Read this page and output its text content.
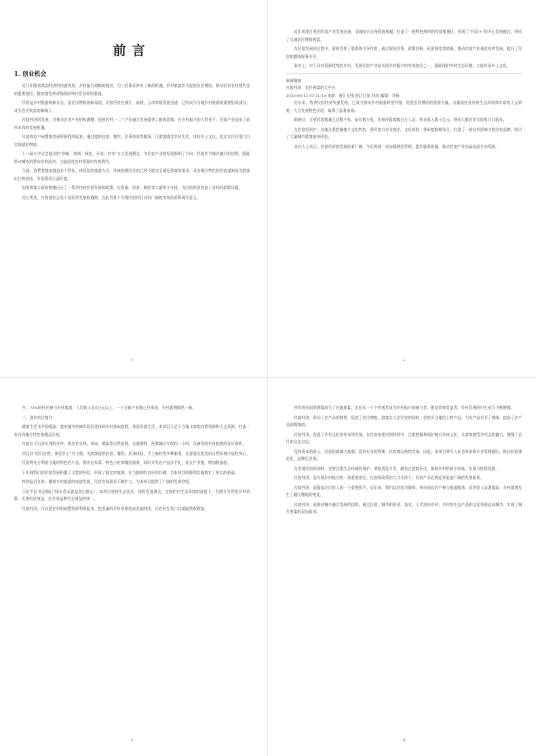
前言
1. 创业机会

近几年随着我国经济的快速发展，乡村振兴战略的提出，为三农事业带来了新的机遇。乡村旅游作为促进农民增收、推动农业农村现代化的重要途径，越来越受到各级政府和社会各界的重视。

民宿是乡村旅游的新业态，是农民增收的新渠道。民宿经济在浙江、福建、云南等地发展迅速，已经成为当地乡村旅游的重要组成部分，成为农民致富的新路子。

民宿经济的发展，为推动农业产业结构调整、促进农村一二三产业融合发展提供了新的思路。在乡村振兴的大背景下，民宿产业迎来了前所未有的发展机遇。

民宿将农户闲置的房屋资源利用起来，通过提供住宿、餐饮、农事体验等服务，让游客感受乡村生活，体验乡土文化，也让农民在家门口实现就业增收。

十八届五中全会提出的“创新、协调、绿色、开放、共享”五大发展理念，为民宿产业的发展指明了方向。民宿作为城乡融合的纽带，既能带动城市消费向乡村流动，又能促进农村资源的有效利用。

当前，消费者越来越追求个性化、体验化的旅游方式，传统的酒店住宿已经不能完全满足游客的需求，具有地方特色的民宿逐渐成为游客出行的首选，市场需求日益旺盛。

国家和地方政府相继出台了一系列扶持民宿发展的政策，在用地、资金、税收等方面给予支持，为民宿创业营造了良好的政策环境。

综上所述，民宿创业正处于良好的发展机遇期，在此背景下开展民宿项目具有广阔的市场前景和现实意义。

1

近年来浙江省的民宿产业发展迅速，各地结合自身资源禀赋，打造了一批特色鲜明的民宿集聚区，形成了“民宿+”的多元发展模式，带动了当地农民增收致富。

在民宿发展的过程中，政府发挥了重要的引导作用，通过规划引领、政策扶持、标准规范等措施，推动民宿产业规范有序发展，提升了民宿的整体服务水平。

事实上，对于具有资源优势的乡村，发展民宿产业是实现乡村振兴的有效途径之一，既能保护乡村生态环境，又能传承乡土文化。

新闻链接：

民宿经济：农民致富的大平台

2015-08-12 07:11:10 来源：浙江在线-浙江日报 驻站 编辑：刘扬

近年来，我省民宿经济快速发展，已成为推动乡村旅游转型升级、促进农民增收的重要力量。各地依托良好的生态环境和丰富的人文资源，大力发展特色民宿，取得了显著成效。

据统计，全省民宿数量已达数千家，床位数万张，年接待游客数百万人次，营业收入数十亿元，带动大量农民实现家门口就业。

在民宿发展中，各地注重挖掘地方文化特色，将民宿与农业观光、文化体验、休闲度假相结合，打造了一批具有影响力的民宿品牌，吸引了大量城市游客前来体验。

业内人士表示，民宿经济的发展前景广阔，今后将进一步加强规范管理，提升服务质量，推动民宿产业向高品质方向发展。

2

多，73%的村民参与乡村旅游，人均收入在5万元以上，一个全新产业链已经形成，乡村面貌焕然一新。

二、创业项目简介

随着生活水平的提高，越来越多的城市居民选择到乡村休闲度假，体验田园生活。本项目立足于当地丰富的自然资源和人文资源，打造一家具有地方特色的精品民宿。

民宿位于山清水秀的乡村，周边有竹林、茶园、溪流等自然景观，交通便利，距离城区车程约一小时，具备发展乡村旅游的良好条件。

项目以“回归自然、体验乡土”为主题，为游客提供住宿、餐饮、农事体验、手工制作等多种服务，让游客在优美的自然环境中放松身心。

民宿将充分利用当地的特色农产品，推出农家菜、特色小吃等餐饮服务，同时开发农产品伴手礼，延长产业链，增加附加值。

十年间我们的民宿发展积累了丰富的经验，形成了稳定的客源，在当地拥有良好的口碑，为本项目的顺利实施奠定了坚实的基础。

特别是近年来，随着乡村旅游的快速发展，民宿市场需求不断扩大，为本项目提供了广阔的发展空间。

习近平总书记指出“绿水青山就是金山银山”，本项目坚持生态优先、绿色发展理念，在保护好生态环境的前提下，合理开发利用乡村资源，实现经济效益、社会效益和生态效益的统一。

民宿经济，可以把农村的闲置资源利用起来，把美丽的乡村风景变成美丽经济，让农民在家门口就能增收致富。

3

所有的民宿资源都成为了在地要素。农民从一个个旁观者成为乡村振兴的参与者、建设者和受益者，乡村发展的内生动力不断增强。

民宿经济，带动了农产品的销售，促进了农民增收。游客在入住民宿的同时，会购买当地的土特产品，为农产品打开了销路，提高了农产品的附加值。

民宿经济，促进了乡村文化的传承和发展。在民宿的建设和经营中，注重挖掘和保护地方传统文化，让游客感受乡村文化魅力，增强了农民的文化自信。

没有资本的进入，民宿很难做大做强；没有专业的管理，民宿难以持续发展。因此，本项目将引入社会资本和专业管理团队，推动民宿规范化、品牌化发展。

在发展民宿的同时，也要注重生态环境的保护，坚持适度开发，避免过度商业化，保持乡村的原汁原味，实现可持续发展。

民宿经济，是实现乡村振兴的一条重要途径。在国家政策的大力支持下，民宿产业必将迎来更加广阔的发展前景。

民宿经济，是提高农民收入的一个重要抓手。近年来，我们以民宿为载体，带动周边农户参与旅游服务，农民收入显著提高，乡村面貌发生了翻天覆地的变化。

民宿经济，是推动城乡融合发展的纽带。通过民宿，城市的资金、技术、人才流向乡村，乡村的生态产品和文化资源走向城市，实现了城乡要素的双向流动。

4
